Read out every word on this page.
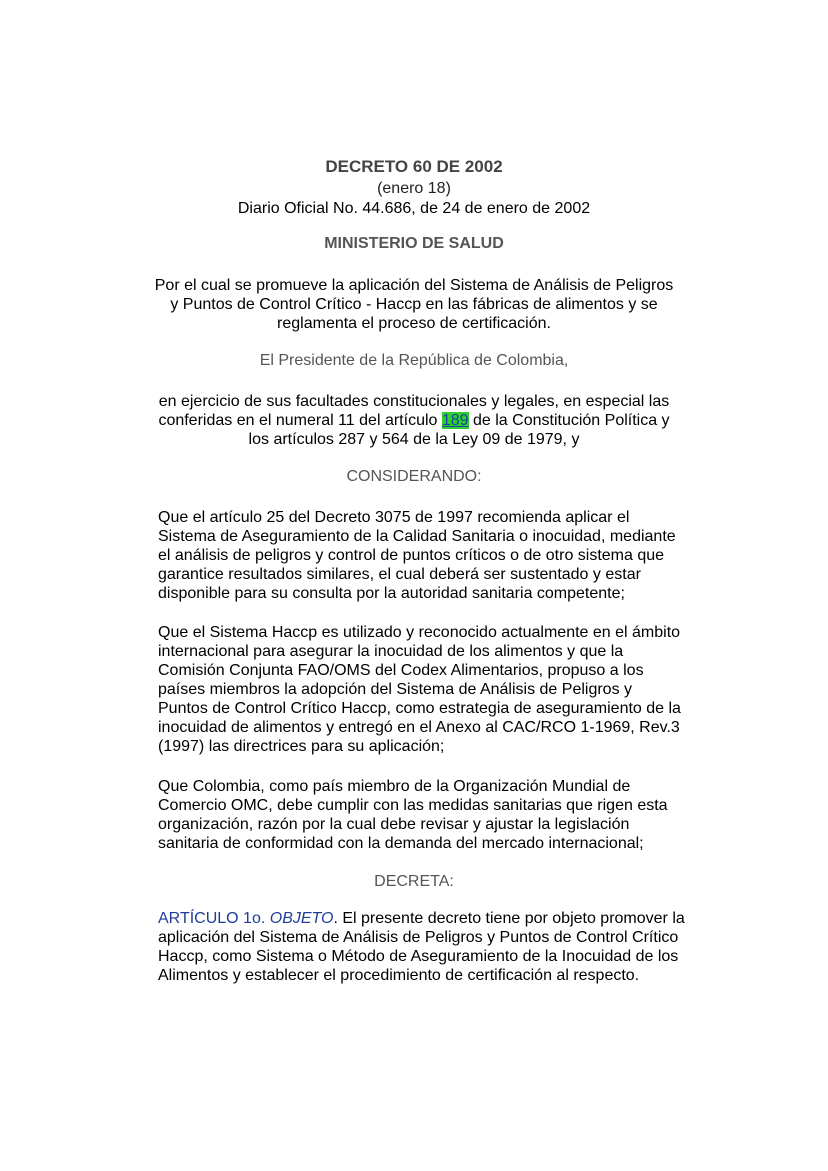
DECRETO 60 DE 2002
(enero 18)
Diario Oficial No. 44.686, de 24 de enero de 2002
MINISTERIO DE SALUD
Por el cual se promueve la aplicación del Sistema de Análisis de Peligros
y Puntos de Control Crítico - Haccp en las fábricas de alimentos y se
reglamenta el proceso de certificación.
El Presidente de la República de Colombia,
en ejercicio de sus facultades constitucionales y legales, en especial las
conferidas en el numeral 11 del artículo 189 de la Constitución Política y
los artículos 287 y 564 de la Ley 09 de 1979, y
CONSIDERANDO:
Que el artículo 25 del Decreto 3075 de 1997 recomienda aplicar el
Sistema de Aseguramiento de la Calidad Sanitaria o inocuidad, mediante
el análisis de peligros y control de puntos críticos o de otro sistema que
garantice resultados similares, el cual deberá ser sustentado y estar
disponible para su consulta por la autoridad sanitaria competente;
Que el Sistema Haccp es utilizado y reconocido actualmente en el ámbito
internacional para asegurar la inocuidad de los alimentos y que la
Comisión Conjunta FAO/OMS del Codex Alimentarios, propuso a los
países miembros la adopción del Sistema de Análisis de Peligros y
Puntos de Control Crítico Haccp, como estrategia de aseguramiento de la
inocuidad de alimentos y entregó en el Anexo al CAC/RCO 1-1969, Rev.3
(1997) las directrices para su aplicación;
Que Colombia, como país miembro de la Organización Mundial de
Comercio OMC, debe cumplir con las medidas sanitarias que rigen esta
organización, razón por la cual debe revisar y ajustar la legislación
sanitaria de conformidad con la demanda del mercado internacional;
DECRETA:
ARTÍCULO 1o. OBJETO. El presente decreto tiene por objeto promover la
aplicación del Sistema de Análisis de Peligros y Puntos de Control Crítico
Haccp, como Sistema o Método de Aseguramiento de la Inocuidad de los
Alimentos y establecer el procedimiento de certificación al respecto.
